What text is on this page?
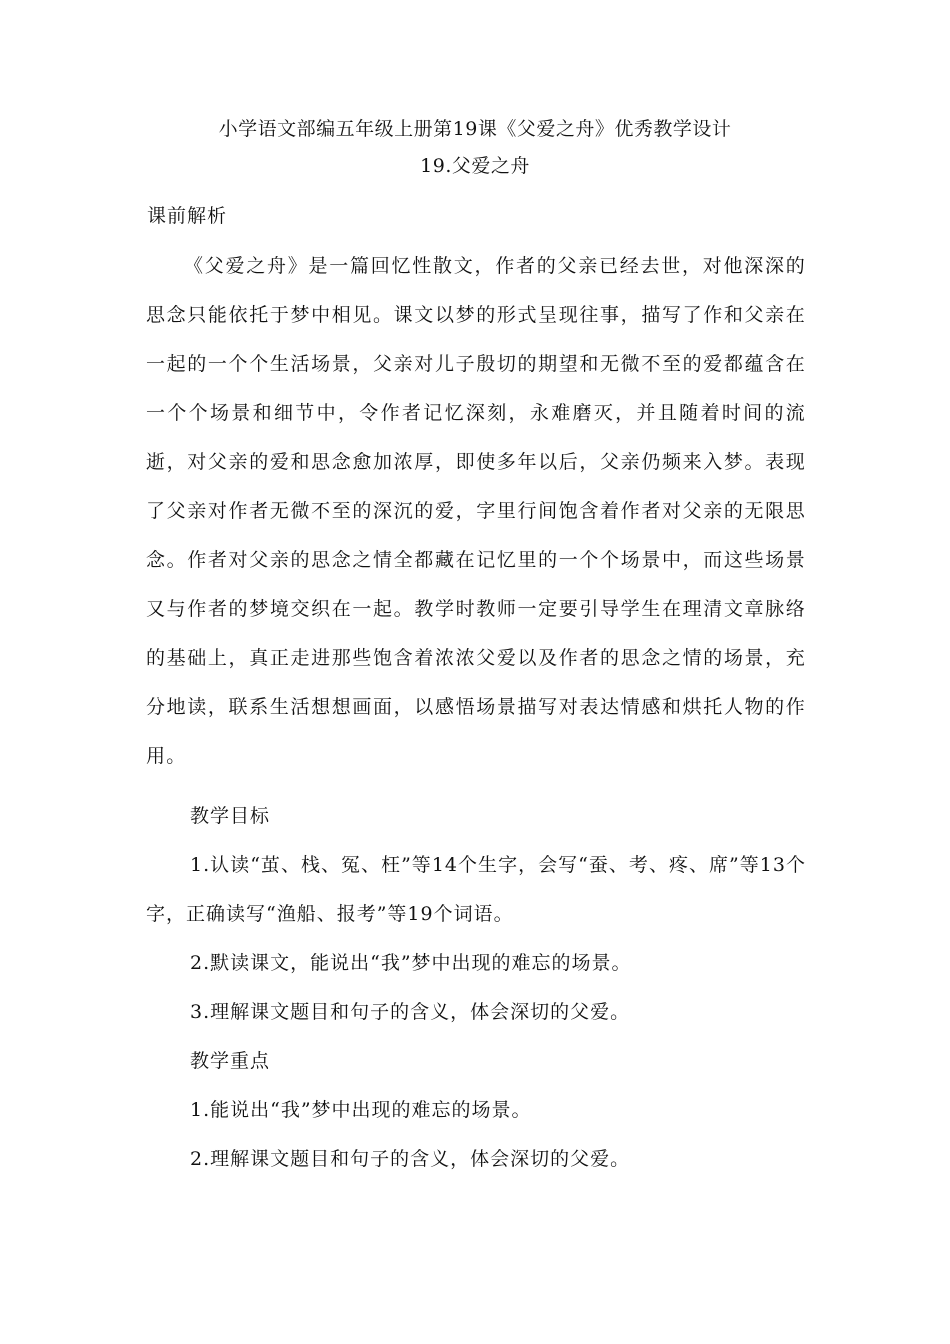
小学语文部编五年级上册第19课《父爱之舟》优秀教学设计
19.父爱之舟
课前解析
《父爱之舟》是一篇回忆性散文，作者的父亲已经去世，对他深深的思念只能依托于梦中相见。课文以梦的形式呈现往事，描写了作和父亲在一起的一个个生活场景，父亲对儿子殷切的期望和无微不至的爱都蕴含在一个个场景和细节中，令作者记忆深刻，永难磨灭，并且随着时间的流逝，对父亲的爱和思念愈加浓厚，即使多年以后，父亲仍频来入梦。表现了父亲对作者无微不至的深沉的爱，字里行间饱含着作者对父亲的无限思念。作者对父亲的思念之情全都藏在记忆里的一个个场景中，而这些场景又与作者的梦境交织在一起。教学时教师一定要引导学生在理清文章脉络的基础上，真正走进那些饱含着浓浓父爱以及作者的思念之情的场景，充分地读，联系生活想想画面，以感悟场景描写对表达情感和烘托人物的作用。

教学目标

1.认读“茧、栈、冤、枉”等14个生字，会写“蚕、考、疼、席”等13个字，正确读写“渔船、报考”等19个词语。

2.默读课文，能说出“我”梦中出现的难忘的场景。

3.理解课文题目和句子的含义，体会深切的父爱。

教学重点

1.能说出“我”梦中出现的难忘的场景。

2.理解课文题目和句子的含义，体会深切的父爱。
